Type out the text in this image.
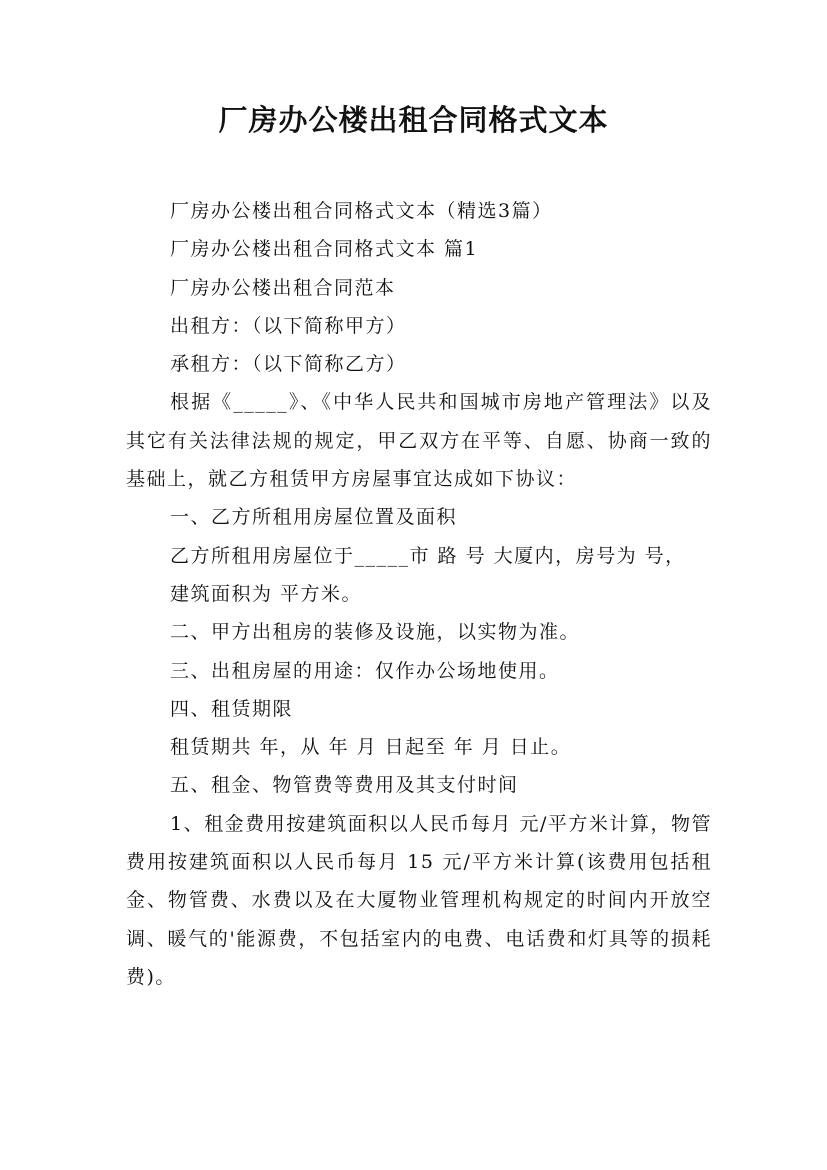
厂房办公楼出租合同格式文本

厂房办公楼出租合同格式文本（精选3篇）

厂房办公楼出租合同格式文本 篇1

厂房办公楼出租合同范本

出租方：（以下简称甲方）

承租方：（以下简称乙方）

根据《_____》、《中华人民共和国城市房地产管理法》以及其它有关法律法规的规定，甲乙双方在平等、自愿、协商一致的基础上，就乙方租赁甲方房屋事宜达成如下协议：

一、乙方所租用房屋位置及面积

乙方所租用房屋位于_____市 路 号 大厦内，房号为 号，

建筑面积为 平方米。

二、甲方出租房的装修及设施，以实物为准。

三、出租房屋的用途：仅作办公场地使用。

四、租赁期限

租赁期共 年，从 年 月 日起至 年 月 日止。

五、租金、物管费等费用及其支付时间

1、租金费用按建筑面积以人民币每月 元/平方米计算，物管费用按建筑面积以人民币每月 15 元/平方米计算(该费用包括租金、物管费、水费以及在大厦物业管理机构规定的时间内开放空调、暖气的'能源费，不包括室内的电费、电话费和灯具等的损耗费)。
